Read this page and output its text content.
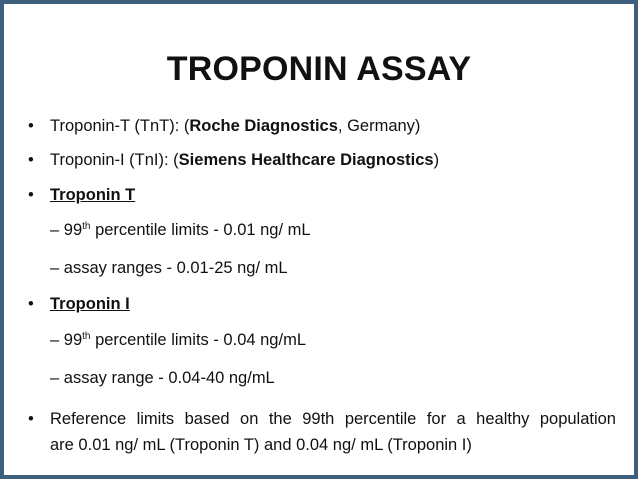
TROPONIN ASSAY
• Troponin-T (TnT): (Roche Diagnostics, Germany)
• Troponin-I (TnI): (Siemens Healthcare Diagnostics)
• Troponin T
– 99th percentile limits - 0.01 ng/ mL
– assay ranges - 0.01-25 ng/ mL
• Troponin I
– 99th percentile limits - 0.04 ng/mL
– assay range - 0.04-40 ng/mL
• Reference limits based on the 99th percentile for a healthy population
are 0.01 ng/ mL (Troponin T) and 0.04 ng/ mL (Troponin I)
